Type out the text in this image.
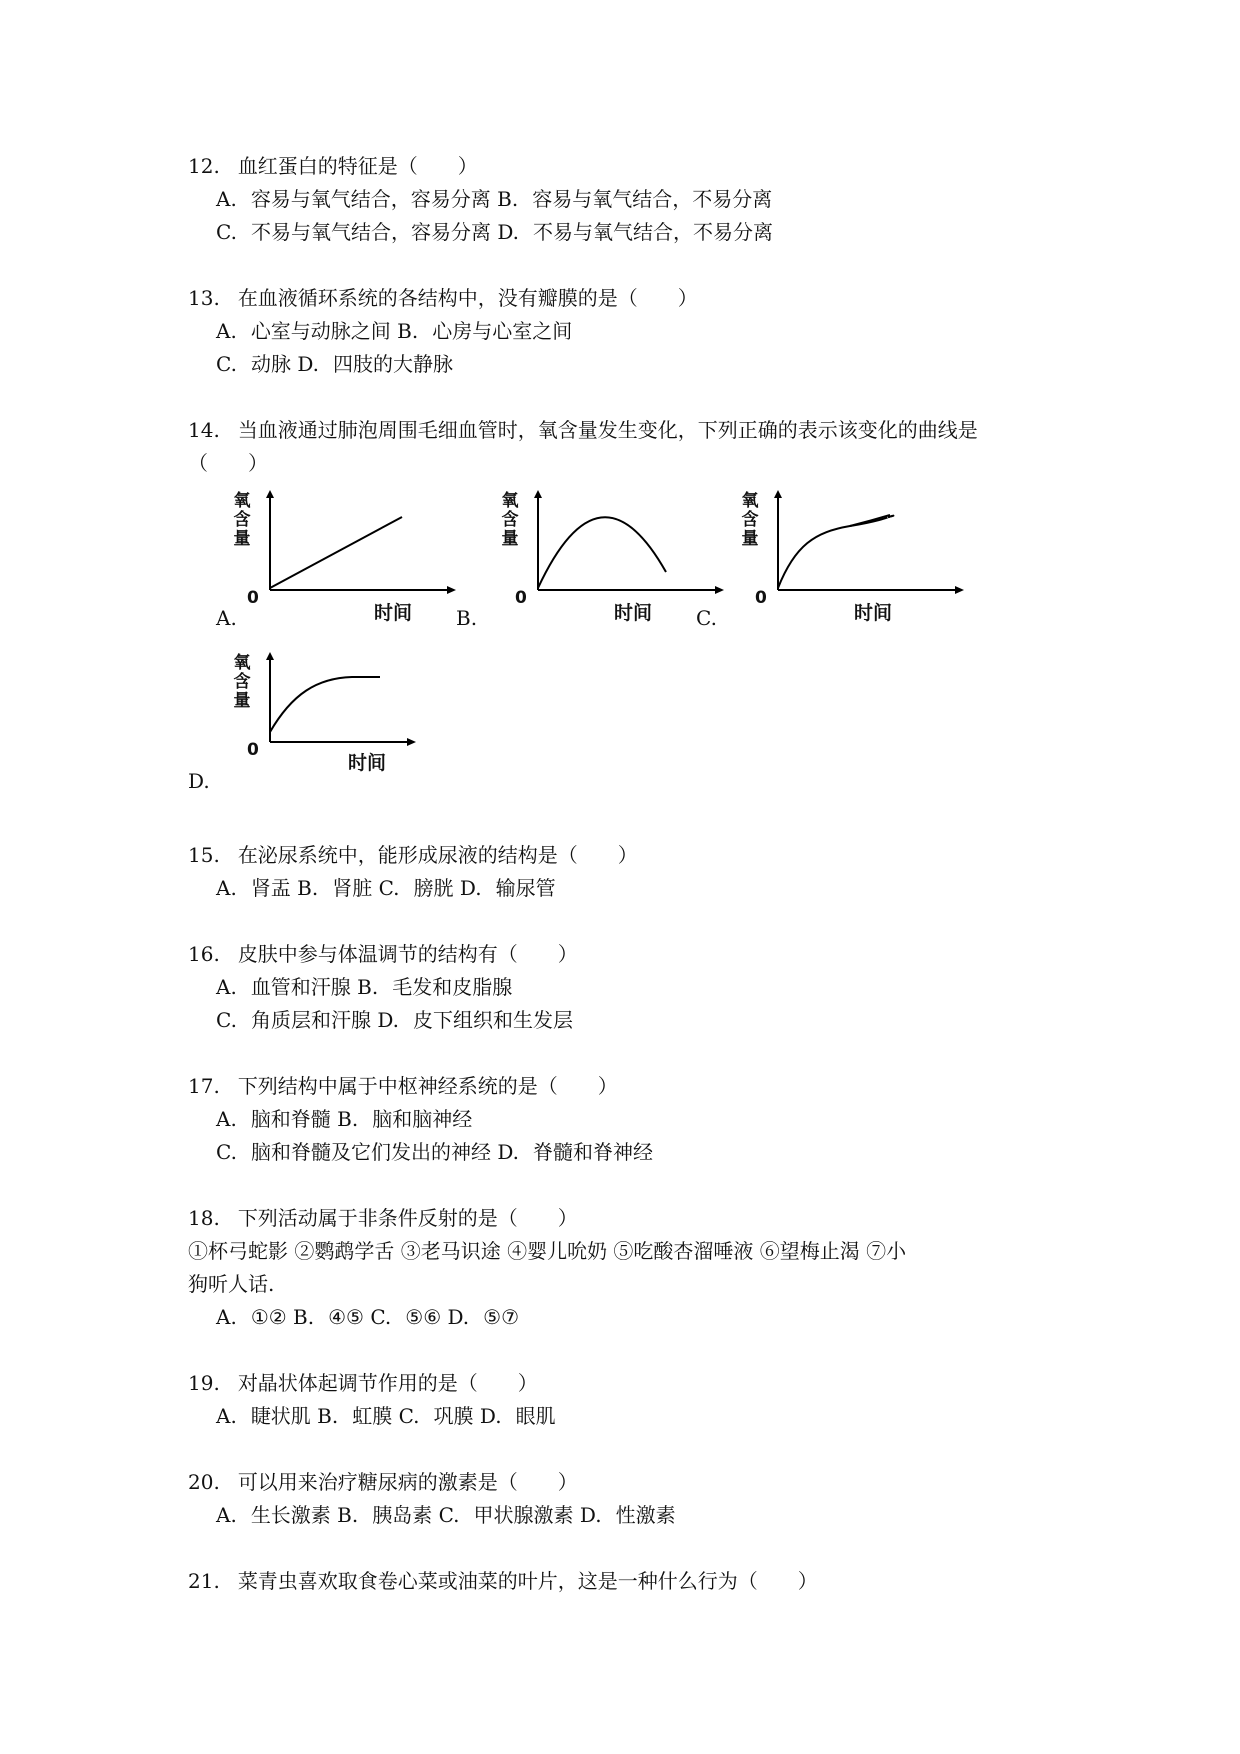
12. 血红蛋白的特征是（　　）
A. 容易与氧气结合，容易分离 B. 容易与氧气结合，不易分离
C. 不易与氧气结合，容易分离 D. 不易与氧气结合，不易分离
13. 在血液循环系统的各结构中，没有瓣膜的是（　　）
A. 心室与动脉之间 B. 心房与心室之间
C. 动脉 D. 四肢的大静脉
14. 当血液通过肺泡周围毛细血管时，氧含量发生变化，下列正确的表示该变化的曲线是
（　　）
氧
含
量
0
时间
A.
氧
含
量
0
时间
B.
氧
含
量
0
时间
C.
氧
含
量
0
时间
D.
15. 在泌尿系统中，能形成尿液的结构是（　　）
A. 肾盂 B. 肾脏 C. 膀胱 D. 输尿管
16. 皮肤中参与体温调节的结构有（　　）
A. 血管和汗腺 B. 毛发和皮脂腺
C. 角质层和汗腺 D. 皮下组织和生发层
17. 下列结构中属于中枢神经系统的是（　　）
A. 脑和脊髓 B. 脑和脑神经
C. 脑和脊髓及它们发出的神经 D. 脊髓和脊神经
18. 下列活动属于非条件反射的是（　　）
①杯弓蛇影 ②鹦鹉学舌 ③老马识途 ④婴儿吮奶 ⑤吃酸杏溜唾液 ⑥望梅止渴 ⑦小
狗听人话.
A. ①② B. ④⑤ C. ⑤⑥ D. ⑤⑦
19. 对晶状体起调节作用的是（　　）
A. 睫状肌 B. 虹膜 C. 巩膜 D. 眼肌
20. 可以用来治疗糖尿病的激素是（　　）
A. 生长激素 B. 胰岛素 C. 甲状腺激素 D. 性激素
21. 菜青虫喜欢取食卷心菜或油菜的叶片，这是一种什么行为（　　）
